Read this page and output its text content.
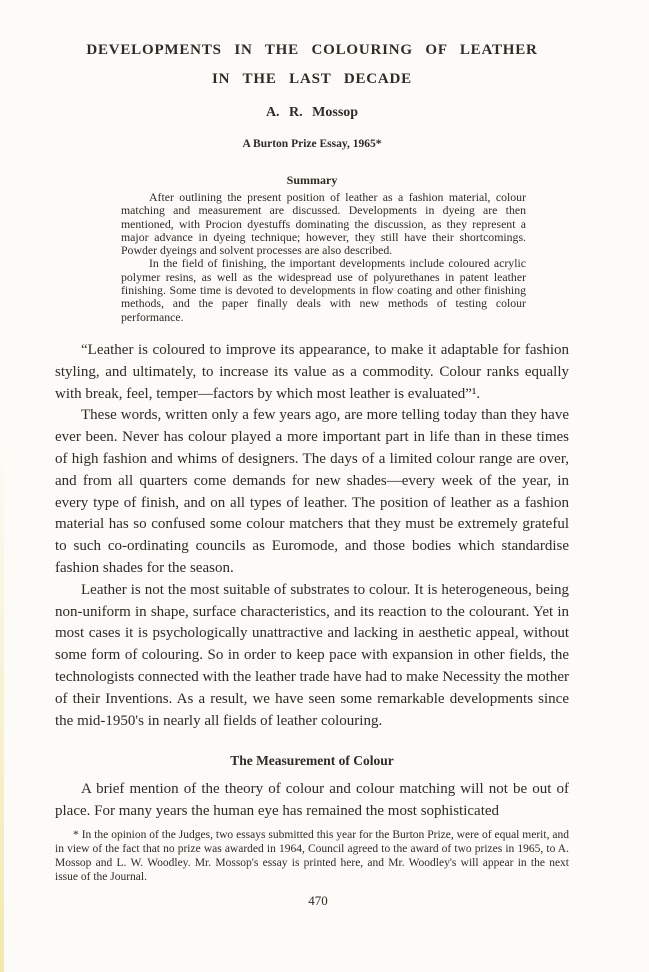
DEVELOPMENTS IN THE COLOURING OF LEATHER
IN THE LAST DECADE
A. R. Mossop
A Burton Prize Essay, 1965*
Summary

After outlining the present position of leather as a fashion material, colour matching and measurement are discussed. Developments in dyeing are then mentioned, with Procion dyestuffs dominating the discussion, as they represent a major advance in dyeing technique; however, they still have their shortcomings. Powder dyeings and solvent processes are also described.

In the field of finishing, the important developments include coloured acrylic polymer resins, as well as the widespread use of polyurethanes in patent leather finishing. Some time is devoted to developments in flow coating and other finishing methods, and the paper finally deals with new methods of testing colour performance.

“Leather is coloured to improve its appearance, to make it adaptable for fashion styling, and ultimately, to increase its value as a commodity. Colour ranks equally with break, feel, temper—factors by which most leather is evaluated”¹.

These words, written only a few years ago, are more telling today than they have ever been. Never has colour played a more important part in life than in these times of high fashion and whims of designers. The days of a limited colour range are over, and from all quarters come demands for new shades—every week of the year, in every type of finish, and on all types of leather. The position of leather as a fashion material has so confused some colour matchers that they must be extremely grateful to such co-ordinating councils as Euromode, and those bodies which standardise fashion shades for the season.

Leather is not the most suitable of substrates to colour. It is heterogeneous, being non-uniform in shape, surface characteristics, and its reaction to the colourant. Yet in most cases it is psychologically unattractive and lacking in aesthetic appeal, without some form of colouring. So in order to keep pace with expansion in other fields, the technologists connected with the leather trade have had to make Necessity the mother of their Inventions. As a result, we have seen some remarkable developments since the mid-1950's in nearly all fields of leather colouring.

The Measurement of Colour

A brief mention of the theory of colour and colour matching will not be out of place. For many years the human eye has remained the most sophisticated

* In the opinion of the Judges, two essays submitted this year for the Burton Prize, were of equal merit, and in view of the fact that no prize was awarded in 1964, Council agreed to the award of two prizes in 1965, to A. Mossop and L. W. Woodley. Mr. Mossop's essay is printed here, and Mr. Woodley's will appear in the next issue of the Journal.

470
